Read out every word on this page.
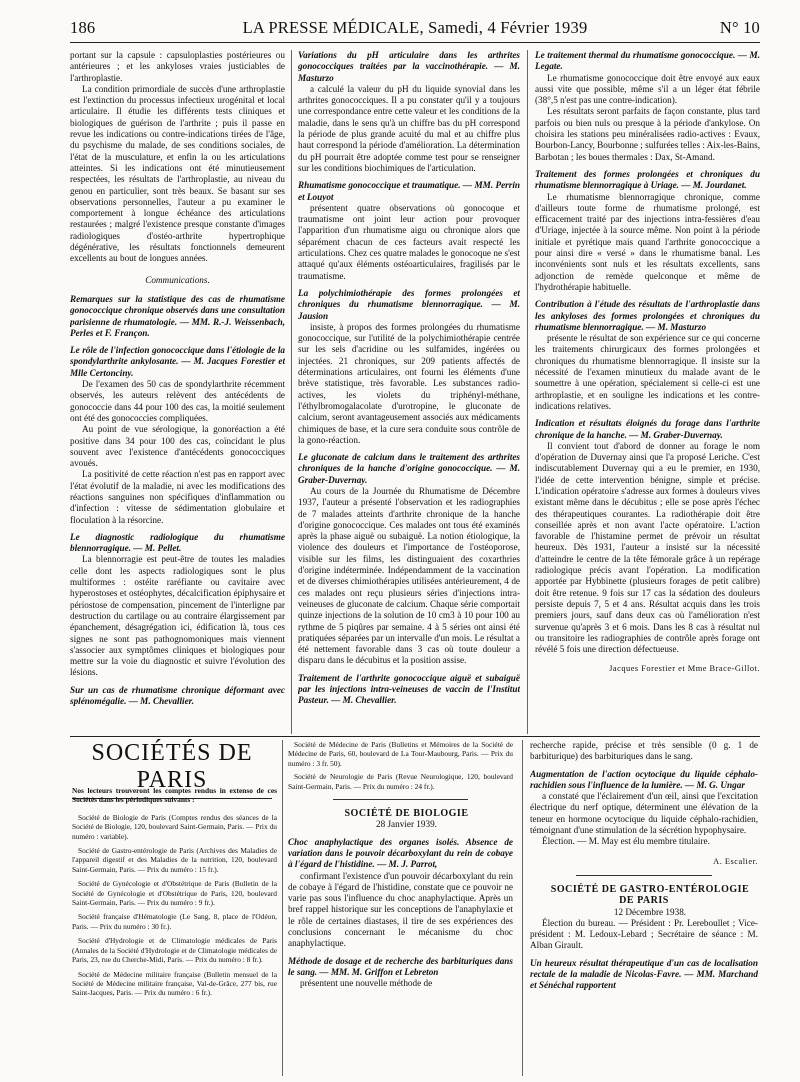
186	LA PRESSE MÉDICALE, Samedi, 4 Février 1939	N° 10

portant sur la capsule : capsuloplasties postérieures ou antérieures ; et les ankyloses vraies justiciables de l'arthroplastie.

La condition primordiale de succès d'une arthroplastie est l'extinction du processus infectieux urogénital et local articulaire. Il étudie les différents tests cliniques et biologiques de guérison de l'arthrite ; puis il passe en revue les indications ou contre-indications tirées de l'âge, du psychisme du malade, de ses conditions sociales, de l'état de la musculature, et enfin la ou les articulations atteintes. Si les indications ont été minutieusement respectées, les résultats de l'arthroplastie, au niveau du genou en particulier, sont très beaux. Se basant sur ses observations personnelles, l'auteur a pu examiner le comportement à longue échéance des articulations restaurées ; malgré l'existence presque constante d'images radiologiques d'ostéo-arthrite hypertrophique dégénérative, les résultats fonctionnels demeurent excellents au bout de longues années.

Communications.

Remarques sur la statistique des cas de rhumatisme gonococcique chronique observés dans une consultation parisienne de rhumatologie. — MM. R.-J. Weissenbach, Perles et F. Françon.
Le rôle de l'infection gonococcique dans l'étiologie de la spondylarthrite ankylosante. — M. Jacques Forestier et Mlle Certonciny.

De l'examen des 50 cas de spondylarthrite récemment observés, les auteurs relèvent des antécédents de gonococcie dans 44 pour 100 des cas, la moitié seulement ont été des gonococcies compliquées.

Au point de vue sérologique, la gonoréaction a été positive dans 34 pour 100 des cas, coïncidant le plus souvent avec l'existence d'antécédents gonococciques avoués.

La positivité de cette réaction n'est pas en rapport avec l'état évolutif de la maladie, ni avec les modifications des réactions sanguines non spécifiques d'inflammation ou d'infection : vitesse de sédimentation globulaire et floculation à la résorcine.

Le diagnostic radiologique du rhumatisme blennorragique. — M. Pellet.

La blennorragie est peut-être de toutes les maladies celle dont les aspects radiologiques sont le plus multiformes : ostéite raréfiante ou cavitaire avec hyperostoses et ostéophytes, décalcification épiphysaire et périostose de compensation, pincement de l'interligne par destruction du cartilage ou au contraire élargissement par épanchement, désagrégation ici, édification là, tous ces signes ne sont pas pathognomoniques mais viennent s'associer aux symptômes cliniques et biologiques pour mettre sur la voie du diagnostic et suivre l'évolution des lésions.

Sur un cas de rhumatisme chronique déformant avec splénomégalie. — M. Chevallier.
Variations du pH articulaire dans les arthrites gonococciques traitées par la vaccinothérapie. — M. Masturzo

a calculé la valeur du pH du liquide synovial dans les arthrites gonococciques. Il a pu constater qu'il y a toujours une correspondance entre cette valeur et les conditions de la maladie, dans le sens qu'à un chiffre bas du pH correspond la période de plus grande acuité du mal et au chiffre plus haut correspond la période d'amélioration. La détermination du pH pourrait être adoptée comme test pour se renseigner sur les conditions biochimiques de l'articulation.

Rhumatisme gonococcique et traumatique. — MM. Perrin et Louyot

présentent quatre observations où gonocoque et traumatisme ont joint leur action pour provoquer l'apparition d'un rhumatisme aigu ou chronique alors que séparément chacun de ces facteurs avait respecté les articulations. Chez ces quatre malades le gonocoque ne s'est attaqué qu'aux éléments ostéoarticulaires, fragilisés par le traumatisme.

La polychimiothérapie des formes prolongées et chroniques du rhumatisme blennorragique. — M. Jausion

insiste, à propos des formes prolongées du rhumatisme gonococcique, sur l'utilité de la polychimiothérapie centrée sur les sels d'acridine ou les sulfamides, ingérées ou injectées. 21 chroniques, sur 209 patients affectés de déterminations articulaires, ont fourni les éléments d'une brève statistique, très favorable. Les substances radio-actives, les violets du triphényl-méthane, l'éthylbromogalacolate d'urotropine, le gluconate de calcium, seront avantageusement associés aux médicaments chimiques de base, et la cure sera conduite sous contrôle de la gono-réaction.

Le gluconate de calcium dans le traitement des arthrites chroniques de la hanche d'origine gonococcique. — M. Graber-Duvernay.

Au cours de la Journée du Rhumatisme de Décembre 1937, l'auteur a présenté l'observation et les radiographies de 7 malades atteints d'arthrite chronique de la hanche d'origine gonococcique. Ces malades ont tous été examinés après la phase aiguë ou subaiguë. La notion étiologique, la violence des douleurs et l'importance de l'ostéoporose, visible sur les films, les distinguaient des coxarthries d'origine indéterminée. Indépendamment de la vaccination et de diverses chimiothérapies utilisées antérieurement, 4 de ces malades ont reçu plusieurs séries d'injections intra-veineuses de gluconate de calcium. Chaque série comportait quinze injections de la solution de 10 cm3 à 10 pour 100 au rythme de 5 piqûres par semaine. 4 à 5 séries ont ainsi été pratiquées séparées par un intervalle d'un mois. Le résultat a été nettement favorable dans 3 cas où toute douleur a disparu dans le décubitus et la position assise.

Traitement de l'arthrite gonococcique aiguë et subaiguë par les injections intra-veineuses de vaccin de l'Institut Pasteur. — M. Chevallier.
Le traitement thermal du rhumatisme gonococcique. — M. Legate.

Le rhumatisme gonococcique doit être envoyé aux eaux aussi vite que possible, même s'il a un léger état fébrile (38°,5 n'est pas une contre-indication).

Les résultats seront parfaits de façon constante, plus tard parfois ou bien nuls ou presque à la période d'ankylose. On choisira les stations peu minéralisées radio-actives : Evaux, Bourbon-Lancy, Bourbonne ; sulfurées telles : Aix-les-Bains, Barbotan ; les boues thermales : Dax, St-Amand.

Traitement des formes prolongées et chroniques du rhumatisme blennorragique à Uriage. — M. Jourdanet.

Le rhumatisme blennorragique chronique, comme d'ailleurs toute forme de rhumatisme prolongé, est efficacement traité par des injections intra-fessières d'eau d'Uriage, injectée à la source même. Non point à la période initiale et pyrétique mais quand l'arthrite gonococcique a pour ainsi dire « versé » dans le rhumatisme banal. Les inconvénients sont nuls et les résultats excellents, sans adjonction de remède quelconque et même de l'hydrothérapie habituelle.

Contribution à l'étude des résultats de l'arthroplastie dans les ankyloses des formes prolongées et chroniques du rhumatisme blennorragique. — M. Masturzo

présente le résultat de son expérience sur ce qui concerne les traitements chirurgicaux des formes prolongées et chroniques du rhumatisme blennorragique. Il insiste sur la nécessité de l'examen minutieux du malade avant de le soumettre à une opération, spécialement si celle-ci est une arthroplastie, et en souligne les indications et les contre-indications relatives.

Indication et résultats éloignés du forage dans l'arthrite chronique de la hanche. — M. Graber-Duvernay.

Il convient tout d'abord de donner au forage le nom d'opération de Duvernay ainsi que l'a proposé Leriche. C'est indiscutablement Duvernay qui a eu le premier, en 1930, l'idée de cette intervention bénigne, simple et précise. L'indication opératoire s'adresse aux formes à douleurs vives existant même dans le décubitus ; elle se pose après l'échec des thérapeutiques courantes. La radiothérapie doit être conseillée après et non avant l'acte opératoire. L'action favorable de l'histamine permet de prévoir un résultat heureux. Dès 1931, l'auteur a insisté sur la nécessité d'atteindre le centre de la tête fémorale grâce à un repérage radiologique précis avant l'opération. La modification apportée par Hybbinette (plusieurs forages de petit calibre) doit être retenue. 9 fois sur 17 cas la sédation des douleurs persiste depuis 7, 5 et 4 ans. Résultat acquis dans les trois premiers jours, sauf dans deux cas où l'amélioration n'est survenue qu'après 3 et 6 mois. Dans les 8 cas à résultat nul ou transitoire les radiographies de contrôle après forage ont révélé 5 fois une direction défectueuse.

Jacques Forestier et Mme Brace-Gillot.

SOCIÉTÉS DE PARIS

Nos lecteurs trouveront les comptes rendus in extenso de ces Sociétés dans les périodiques suivants :

Société de Biologie de Paris (Comptes rendus des séances de la Société de Biologie, 120, boulevard Saint-Germain, Paris. — Prix du numéro : variable).

Société de Gastro-entérologie de Paris (Archives des Maladies de l'appareil digestif et des Maladies de la nutrition, 120, boulevard Saint-Germain, Paris. — Prix du numéro : 15 fr.).

Société de Gynécologie et d'Obstétrique de Paris (Bulletin de la Société de Gynécologie et d'Obstétrique de Paris, 120, boulevard Saint-Germain, Paris. — Prix du numéro : 9 fr.).

Société française d'Hématologie (Le Sang, 8, place de l'Odéon, Paris. — Prix du numéro : 30 fr.).

Société d'Hydrologie et de Climatologie médicales de Paris (Annales de la Société d'Hydrologie et de Climatologie médicales de Paris, 23, rue du Cherche-Midi, Paris. — Prix du numéro : 8 fr.).

Société de Médecine militaire française (Bulletin mensuel de la Société de Médecine militaire française, Val-de-Grâce, 277 bis, rue Saint-Jacques, Paris. — Prix du numéro : 6 fr.).

Société de Médecine de Paris (Bulletins et Mémoires de la Société de Médecine de Paris, 60, boulevard de La Tour-Maubourg, Paris. — Prix du numéro : 3 fr. 50).

Société de Neurologie de Paris (Revue Neurologique, 120, boulevard Saint-Germain, Paris. — Prix du numéro : 24 fr.).

SOCIÉTÉ DE BIOLOGIE

28 Janvier 1939.

Choc anaphylactique des organes isolés. Absence de variation dans le pouvoir décarboxylant du rein de cobaye à l'égard de l'histidine. — M. J. Parrot,

confirmant l'existence d'un pouvoir décarboxylant du rein de cobaye à l'égard de l'histidine, constate que ce pouvoir ne varie pas sous l'influence du choc anaphylactique. Après un bref rappel historique sur les conceptions de l'anaphylaxie et le rôle de certaines diastases, il tire de ses expériences des conclusions concernant le mécanisme du choc anaphylactique.

Méthode de dosage et de recherche des barbituriques dans le sang. — MM. M. Griffon et Lebreton

présentent une nouvelle méthode de

recherche rapide, précise et très sensible (0 g. 1 de barbiturique) des barbituriques dans le sang.

Augmentation de l'action ocytocique du liquide céphalo-rachidien sous l'influence de la lumière. — M. G. Ungar

a constaté que l'éclairement d'un œil, ainsi que l'excitation électrique du nerf optique, déterminent une élévation de la teneur en hormone ocytocique du liquide céphalo-rachidien, témoignant d'une stimulation de la sécrétion hypophysaire.

Élection. — M. May est élu membre titulaire.

A. Escalier.

SOCIÉTÉ DE GASTRO-ENTÉROLOGIE DE PARIS

12 Décembre 1938.

Élection du bureau. — Président : Pr. Lereboullet ; Vice-président : M. Ledoux-Lebard ; Secrétaire de séance : M. Alban Girault.

Un heureux résultat thérapeutique d'un cas de localisation rectale de la maladie de Nicolas-Favre. — MM. Marchand et Sénéchal rapportent
